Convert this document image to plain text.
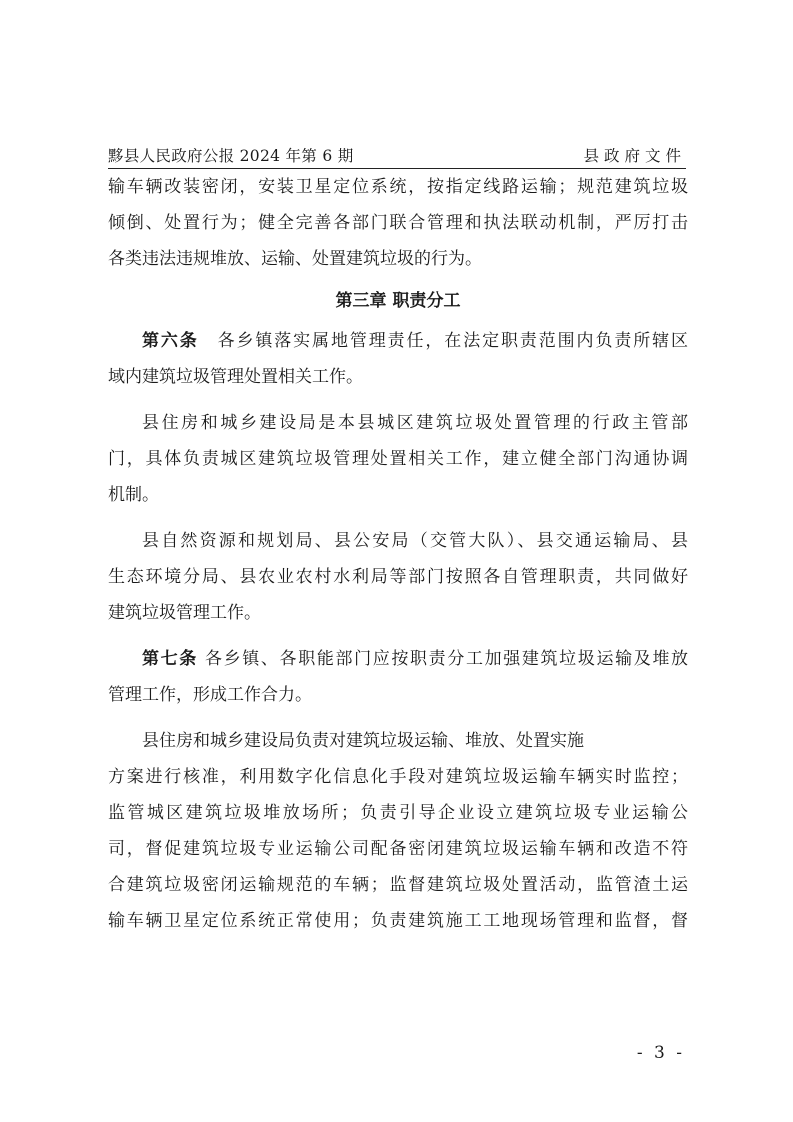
黟县人民政府公报 2024 年第 6 期	县政府文件
输车辆改装密闭，安装卫星定位系统，按指定线路运输；规范建筑垃圾
倾倒、处置行为；健全完善各部门联合管理和执法联动机制，严厉打击
各类违法违规堆放、运输、处置建筑垃圾的行为。
第三章 职责分工
第六条　 各乡镇落实属地管理责任，在法定职责范围内负责所辖区
域内建筑垃圾管理处置相关工作。
县住房和城乡建设局是本县城区建筑垃圾处置管理的行政主管部
门，具体负责城区建筑垃圾管理处置相关工作，建立健全部门沟通协调
机制。
县自然资源和规划局、县公安局（交管大队）、县交通运输局、县
生态环境分局、县农业农村水利局等部门按照各自管理职责，共同做好
建筑垃圾管理工作。
第七条 各乡镇、各职能部门应按职责分工加强建筑垃圾运输及堆放
管理工作，形成工作合力。
县住房和城乡建设局负责对建筑垃圾运输、堆放、处置实施
方案进行核准，利用数字化信息化手段对建筑垃圾运输车辆实时监控；
监管城区建筑垃圾堆放场所；负责引导企业设立建筑垃圾专业运输公
司，督促建筑垃圾专业运输公司配备密闭建筑垃圾运输车辆和改造不符
合建筑垃圾密闭运输规范的车辆；监督建筑垃圾处置活动，监管渣土运
输车辆卫星定位系统正常使用；负责建筑施工工地现场管理和监督，督
- 3 -
